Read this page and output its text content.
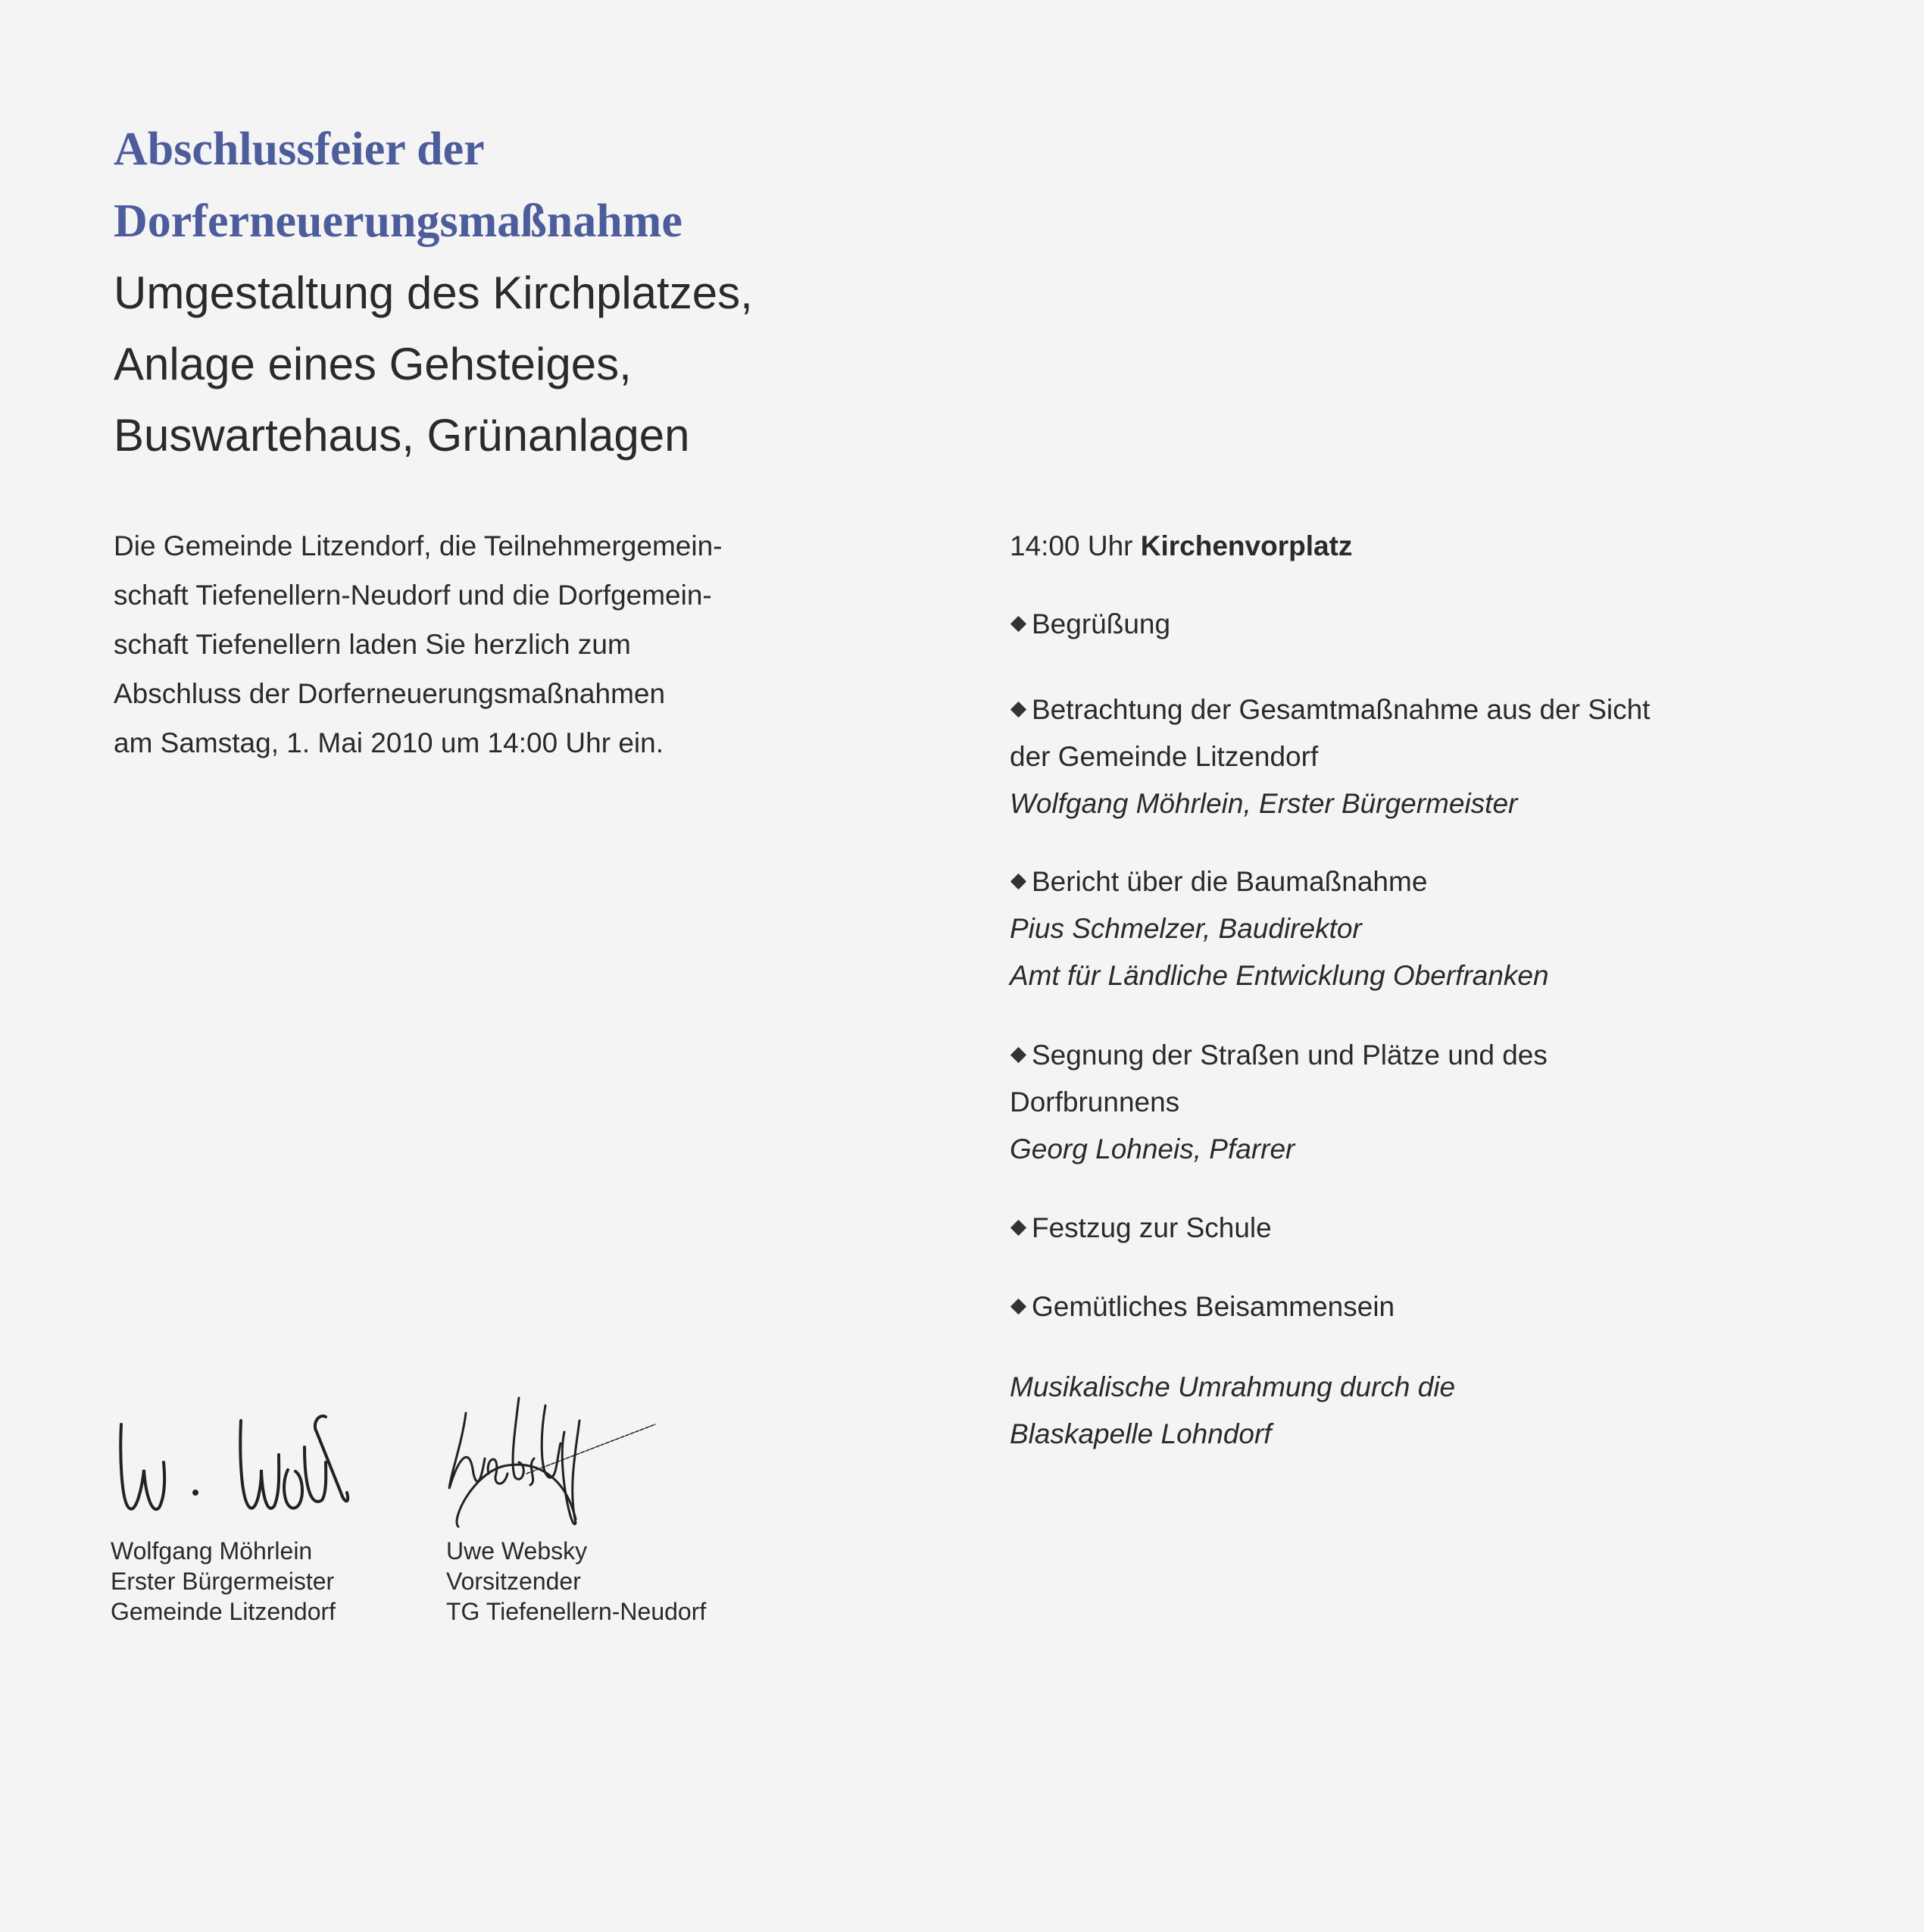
Abschlussfeier der
Dorferneuerungsmaßnahme
Umgestaltung des Kirchplatzes,
Anlage eines Gehsteiges,
Buswartehaus, Grünanlagen
Die Gemeinde Litzendorf, die Teilnehmergemein-
schaft Tiefenellern-Neudorf und die Dorfgemein-
schaft Tiefenellern laden Sie herzlich zum
Abschluss der Dorferneuerungsmaßnahmen
am Samstag, 1. Mai 2010 um 14:00 Uhr ein.
14:00 Uhr Kirchenvorplatz
Begrüßung
Betrachtung der Gesamtmaßnahme aus der Sicht
der Gemeinde Litzendorf
Wolfgang Möhrlein, Erster Bürgermeister
Bericht über die Baumaßnahme
Pius Schmelzer, Baudirektor
Amt für Ländliche Entwicklung Oberfranken
Segnung der Straßen und Plätze und des
Dorfbrunnens
Georg Lohneis, Pfarrer
Festzug zur Schule
Gemütliches Beisammensein
Musikalische Umrahmung durch die
Blaskapelle Lohndorf
Wolfgang Möhrlein
Erster Bürgermeister
Gemeinde Litzendorf
Uwe Websky
Vorsitzender
TG Tiefenellern-Neudorf
